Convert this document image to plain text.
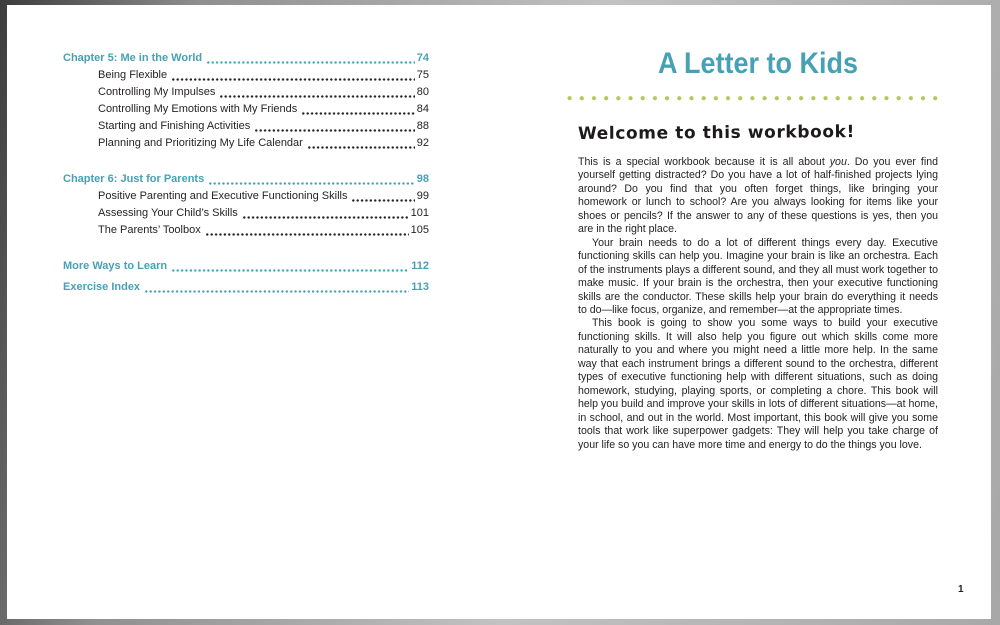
Chapter 5: Me in the World	74
Being Flexible	75
Controlling My Impulses	80
Controlling My Emotions with My Friends	84
Starting and Finishing Activities	88
Planning and Prioritizing My Life Calendar	92
Chapter 6: Just for Parents	98
Positive Parenting and Executive Functioning Skills	99
Assessing Your Child’s Skills	101
The Parents’ Toolbox	105
More Ways to Learn	112
Exercise Index	113
A Letter to Kids
Welcome to this workbook!

This is a special workbook because it is all about you. Do you ever find yourself getting distracted? Do you have a lot of half-finished projects lying around? Do you find that you often forget things, like bringing your homework or lunch to school? Are you always looking for items like your shoes or pencils? If the answer to any of these questions is yes, then you are in the right place.

Your brain needs to do a lot of different things every day. Executive functioning skills can help you. Imagine your brain is like an orchestra. Each of the instruments plays a different sound, and they all must work together to make music. If your brain is the orchestra, then your executive functioning skills are the conductor. These skills help your brain do everything it needs to do—like focus, organize, and remember—at the appropriate times.

This book is going to show you some ways to build your executive functioning skills. It will also help you figure out which skills come more naturally to you and where you might need a little more help. In the same way that each instrument brings a different sound to the orchestra, different types of executive functioning help with different situations, such as doing homework, studying, playing sports, or completing a chore. This book will help you build and improve your skills in lots of different situations—at home, in school, and out in the world. Most important, this book will give you some tools that work like superpower gadgets: They will help you take charge of your life so you can have more time and energy to do the things you love.

1
